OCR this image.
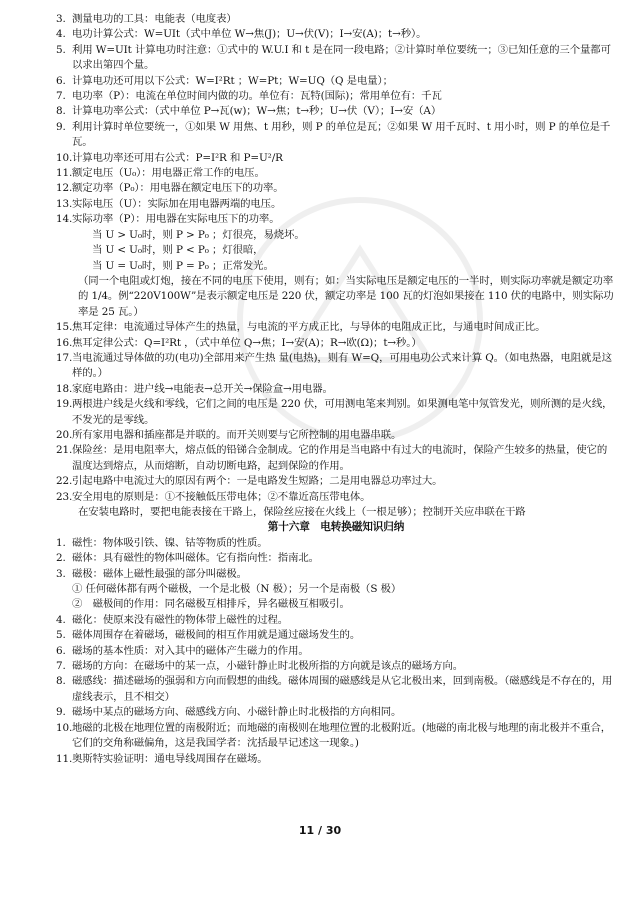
3. 测量电功的工具：电能表（电度表）
4. 电功计算公式：W=UIt（式中单位 W→焦(J)；U→伏(V)；I→安(A)；t→秒）。
5. 利用 W=UIt 计算电功时注意：①式中的 W.U.I 和 t 是在同一段电路；②计算时单位要统一；③已知任意的三个量都可以求出第四个量。
6. 计算电功还可用以下公式：W=I²Rt ；W=Pt；W=UQ（Q 是电量）；
7. 电功率（P）：电流在单位时间内做的功。单位有：瓦特(国际)；常用单位有：千瓦
8. 计算电功率公式：（式中单位 P→瓦(w)；W→焦；t→秒；U→伏（V）；I→安（A）
9. 利用计算时单位要统一，①如果 W 用焦、t 用秒，则 P 的单位是瓦；②如果 W 用千瓦时、t 用小时，则 P 的单位是千瓦。
10. 计算电功率还可用右公式：P=I²R 和 P=U²/R
11. 额定电压（U₀）：用电器正常工作的电压。
12. 额定功率（P₀）：用电器在额定电压下的功率。
13. 实际电压（U）：实际加在用电器两端的电压。
14. 实际功率（P）：用电器在实际电压下的功率。
当 U > U₀时，则 P > P₀ ；灯很亮，易烧坏。
当 U < U₀时，则 P < P₀ ；灯很暗，
当 U = U₀时，则 P = P₀ ；正常发光。
（同一个电阻或灯炮，接在不同的电压下使用，则有；如：当实际电压是额定电压的一半时，则实际功率就是额定功率的 1/4。例“220V100W”是表示额定电压是 220 伏，额定功率是 100 瓦的灯泡如果接在 110 伏的电路中，则实际功率是 25 瓦。）
15. 焦耳定律：电流通过导体产生的热量，与电流的平方成正比，与导体的电阻成正比，与通电时间成正比。
16. 焦耳定律公式：Q=I²Rt ，（式中单位 Q→焦；I→安(A)；R→欧(Ω)；t→秒。）
17. 当电流通过导体做的功(电功)全部用来产生热 量(电热)，则有 W=Q，可用电功公式来计算 Q。（如电热器，电阻就是这样的。）
18. 家庭电路由：进户线→电能表→总开关→保险盒→用电器。
19. 两根进户线是火线和零线，它们之间的电压是 220 伏，可用测电笔来判别。如果测电笔中氖管发光，则所测的是火线，不发光的是零线。
20. 所有家用电器和插座都是并联的。而开关则要与它所控制的用电器串联。
21. 保险丝：是用电阻率大，熔点低的铅锑合金制成。它的作用是当电路中有过大的电流时，保险产生较多的热量，使它的温度达到熔点，从而熔断，自动切断电路，起到保险的作用。
22. 引起电路中电流过大的原因有两个：一是电路发生短路；二是用电器总功率过大。
23. 安全用电的原则是：①不接触低压带电体；②不靠近高压带电体。
在安装电路时，要把电能表接在干路上，保险丝应接在火线上（一根足够）；控制开关应串联在干路
第十六章　电转换磁知识归纳
1. 磁性：物体吸引铁、镍、钴等物质的性质。
2. 磁体：具有磁性的物体叫磁体。它有指向性：指南北。
3. 磁极：磁体上磁性最强的部分叫磁极。
① 任何磁体都有两个磁极，一个是北极（N 极）；另一个是南极（S 极）
②　磁极间的作用：同名磁极互相排斥，异名磁极互相吸引。
4. 磁化：使原来没有磁性的物体带上磁性的过程。
5. 磁体周围存在着磁场，磁极间的相互作用就是通过磁场发生的。
6. 磁场的基本性质：对入其中的磁体产生磁力的作用。
7. 磁场的方向：在磁场中的某一点，小磁针静止时北极所指的方向就是该点的磁场方向。
8. 磁感线：描述磁场的强弱和方向而假想的曲线。磁体周围的磁感线是从它北极出来，回到南极。（磁感线是不存在的，用虚线表示，且不相交）
9. 磁场中某点的磁场方向、磁感线方向、小磁针静止时北极指的方向相同。
10. 地磁的北极在地理位置的南极附近；而地磁的南极则在地理位置的北极附近。(地磁的南北极与地理的南北极并不重合，它们的交角称磁偏角，这是我国学者：沈括最早记述这一现象。)
11. 奥斯特实验证明：通电导线周围存在磁场。
11 / 30
